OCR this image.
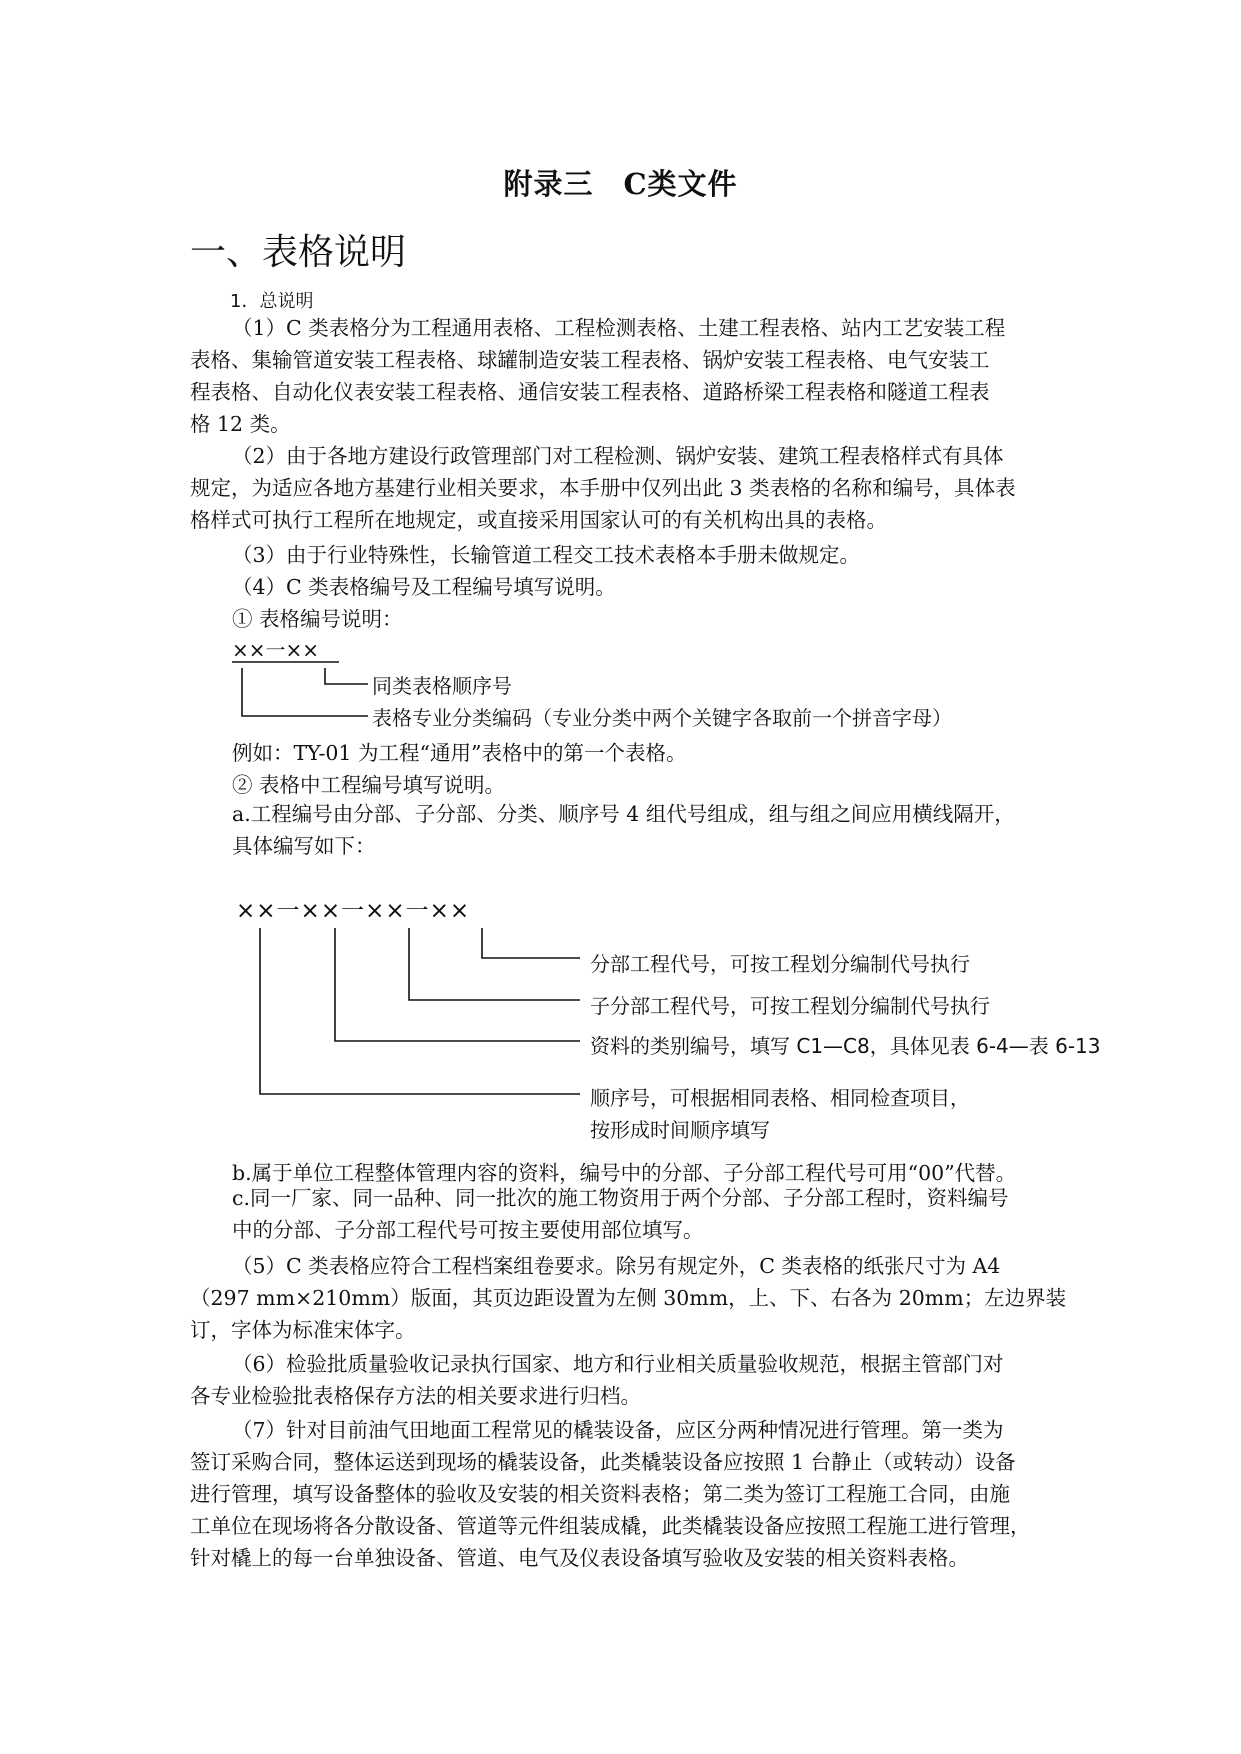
附录三　C类文件
一、表格说明
1．总说明
（1）C 类表格分为工程通用表格、工程检测表格、土建工程表格、站内工艺安装工程
表格、集输管道安装工程表格、球罐制造安装工程表格、锅炉安装工程表格、电气安装工
程表格、自动化仪表安装工程表格、通信安装工程表格、道路桥梁工程表格和隧道工程表
格 12 类。
（2）由于各地方建设行政管理部门对工程检测、锅炉安装、建筑工程表格样式有具体
规定，为适应各地方基建行业相关要求，本手册中仅列出此 3 类表格的名称和编号，具体表
格样式可执行工程所在地规定，或直接采用国家认可的有关机构出具的表格。
（3）由于行业特殊性，长输管道工程交工技术表格本手册未做规定。
（4）C 类表格编号及工程编号填写说明。
① 表格编号说明：
××一××
同类表格顺序号
表格专业分类编码（专业分类中两个关键字各取前一个拼音字母）
例如：TY-01 为工程“通用”表格中的第一个表格。
② 表格中工程编号填写说明。
a.工程编号由分部、子分部、分类、顺序号 4 组代号组成，组与组之间应用横线隔开，
具体编写如下：
××一××一××一××
分部工程代号，可按工程划分编制代号执行
子分部工程代号，可按工程划分编制代号执行
资料的类别编号，填写 C1—C8，具体见表 6-4—表 6-13
顺序号，可根据相同表格、相同检查项目，
按形成时间顺序填写
b.属于单位工程整体管理内容的资料，编号中的分部、子分部工程代号可用“00”代替。
c.同一厂家、同一品种、同一批次的施工物资用于两个分部、子分部工程时，资料编号
中的分部、子分部工程代号可按主要使用部位填写。
（5）C 类表格应符合工程档案组卷要求。除另有规定外，C 类表格的纸张尺寸为 A4
（297 mm×210mm）版面，其页边距设置为左侧 30mm，上、下、右各为 20mm；左边界装
订，字体为标准宋体字。
（6）检验批质量验收记录执行国家、地方和行业相关质量验收规范，根据主管部门对
各专业检验批表格保存方法的相关要求进行归档。
（7）针对目前油气田地面工程常见的橇装设备，应区分两种情况进行管理。第一类为
签订采购合同，整体运送到现场的橇装设备，此类橇装设备应按照 1 台静止（或转动）设备
进行管理，填写设备整体的验收及安装的相关资料表格；第二类为签订工程施工合同，由施
工单位在现场将各分散设备、管道等元件组装成橇，此类橇装设备应按照工程施工进行管理，
针对橇上的每一台单独设备、管道、电气及仪表设备填写验收及安装的相关资料表格。
